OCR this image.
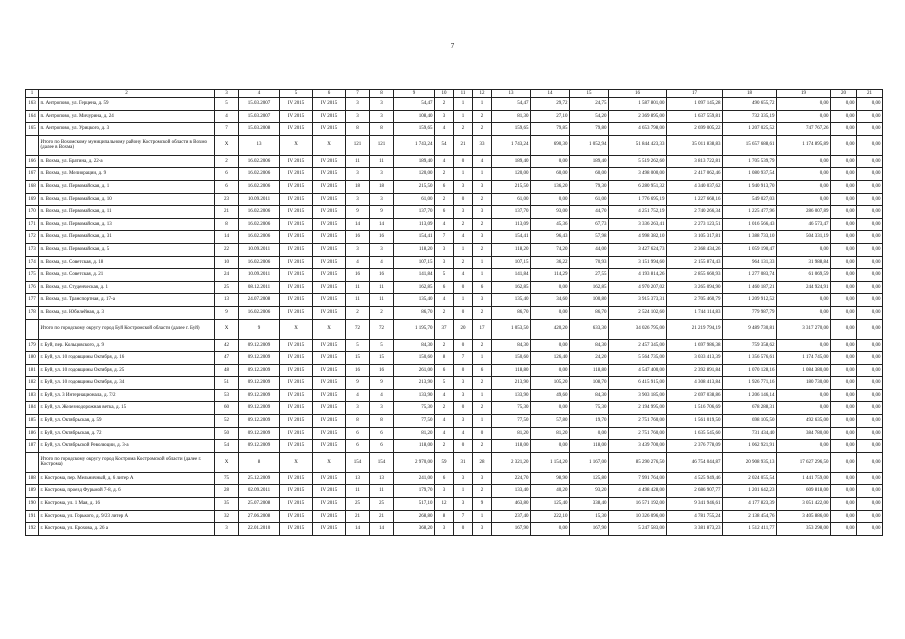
7
1	2	3	4	5	6	7	8	9	10	11	12	13	14	15	16	17	18	19	20	21
163	п. Антропово, ул. Герцена, д. 59	5	15.03.2007	IV 2015	IV 2015	3	3	54,47	2	1	1	54,47	29,72	24,75	1 587 801,00	1 097 145,28	490 655,72	0,00	0,00	0,00
164	п. Антропово, ул. Мичурина, д. 24	4	15.03.2007	IV 2015	IV 2015	3	3	108,40	3	1	2	81,30	27,10	54,20	2 369 895,00	1 637 559,81	732 335,19	0,00	0,00	0,00
165	п. Антропово, ул. Урицкого, д. 3	7	15.03.2008	IV 2015	IV 2015	8	8	159,65	4	2	2	159,65	79,85	79,80	4 653 798,00	2 699 005,22	1 207 025,52	747 767,26	0,00	0,00
	Итого по Вохомскому муниципальному району Костромской области в Вохмо (далее в Вохма)	X	13	X	X	121	121	1 743,24	54	21	33	1 743,24	690,30	1 052,94	51 844 423,33	35 011 838,83	15 657 688,61	1 174 895,89	0,00	0,00
166	п. Вохма, ул. Братина, д. 22-а	2	16.02.2006	IV 2015	IV 2015	11	11	189,40	4	0	4	189,40	0,00	189,40	5 519 262,60	3 813 722,81	1 705 539,79	0,00	0,00	0,00
167	п. Вохма, ул. Мелиорации, д. 9	6	16.02.2006	IV 2015	IV 2015	3	3	120,00	2	1	1	120,00	60,00	60,00	3 498 000,00	2 417 062,46	1 080 937,54	0,00	0,00	0,00
168	п. Вохма, ул. Первомайская, д. 1	6	16.02.2006	IV 2015	IV 2015	18	18	215,50	6	3	3	215,50	136,20	79,30	6 280 951,32	4 340 037,62	1 940 913,70	0,00	0,00	0,00
169	п. Вохма, ул. Первомайская, д. 10	23	10.09.2011	IV 2015	IV 2015	3	3	61,00	2	0	2	61,00	0,00	61,00	1 776 695,19	1 227 668,16	549 027,03	0,00	0,00	0,00
170	п. Вохма, ул. Первомайская, д. 11	21	16.02.2006	IV 2015	IV 2015	9	9	137,70	6	3	3	137,70	93,00	44,70	4 251 752,19	2 740 266,34	1 225 477,96	286 007,89	0,00	0,00
171	п. Вохма, ул. Первомайская, д. 13	8	16.02.2006	IV 2015	IV 2015	14	14	113,09	4	2	2	113,09	45,36	67,73	3 336 263,41	2 273 123,51	1 016 566,43	46 573,47	0,00	0,00
172	п. Вохма, ул. Первомайская, д. 31	14	16.02.2006	IV 2015	IV 2015	16	16	154,41	7	4	3	154,41	96,43	57,98	4 998 382,10	3 105 317,81	1 388 733,10	504 331,19	0,00	0,00
173	п. Вохма, ул. Первомайская, д. 5	22	10.09.2011	IV 2015	IV 2015	3	3	118,20	3	1	2	118,20	74,20	44,00	3 427 624,73	2 368 434,26	1 059 190,47	0,00	0,00	0,00
174	п. Вохма, ул. Советская, д. 18	10	16.02.2006	IV 2015	IV 2015	4	4	107,15	3	2	1	107,15	36,22	70,93	3 151 994,60	2 155 874,43	964 131,33	31 988,84	0,00	0,00
175	п. Вохма, ул. Советская, д. 21	24	10.09.2011	IV 2015	IV 2015	16	16	141,84	5	4	1	141,84	114,29	27,55	4 193 814,26	2 855 660,93	1 277 083,74	61 069,59	0,00	0,00
176	п. Вохма, ул. Студенческая, д. 1	25	08.12.2011	IV 2015	IV 2015	11	11	162,85	6	0	6	162,85	0,00	162,85	4 970 207,02	3 265 094,90	1 460 187,21	244 924,91	0,00	0,00
177	п. Вохма, ул. Транспортная, д. 17-а	13	24.07.2008	IV 2015	IV 2015	11	11	135,40	4	1	3	135,40	34,60	100,80	3 915 373,31	2 705 460,79	1 209 912,52	0,00	0,00	0,00
178	п. Вохма, ул. Юбилейная, д. 3	9	16.02.2006	IV 2015	IV 2015	2	2	86,70	2	0	2	86,70	0,00	86,70	2 524 102,60	1 744 114,83	779 987,79	0,00	0,00	0,00
	Итого по городскому округу город Буй Костромской области (далее г. Буй)	X	9	X	X	72	72	1 195,70	37	20	17	1 053,50	420,20	633,30	34 026 795,00	21 219 794,19	9 489 730,81	3 317 270,00	0,00	0,00
179	г. Буй, пер. Кольцовского, д. 9	42	09.12.2009	IV 2015	IV 2015	5	5	84,30	2	0	2	84,30	0,00	84,30	2 457 345,00	1 697 986,38	759 358,62	0,00	0,00	0,00
180	г. Буй, ул. 10 годовщины Октября, д. 16	47	09.12.2009	IV 2015	IV 2015	15	15	150,60	8	7	1	150,60	126,40	24,20	5 564 735,00	3 033 413,39	1 356 576,61	1 174 745,00	0,00	0,00
181	г. Буй, ул. 10 годовщины Октября, д. 25	48	09.12.2009	IV 2015	IV 2015	16	16	261,00	6	0	6	118,80	0,00	118,80	4 547 400,00	2 392 891,84	1 070 128,16	1 084 380,00	0,00	0,00
182	г. Буй, ул. 10 годовщины Октября, д. 34	51	09.12.2009	IV 2015	IV 2015	9	9	213,90	5	3	2	213,90	105,20	108,70	6 415 915,00	4 308 413,84	1 926 771,16	180 730,00	0,00	0,00
183	г. Буй, ул. 3 Интернационала, д. 7/2	53	09.12.2009	IV 2015	IV 2015	4	4	133,90	4	3	1	133,90	49,60	84,30	3 903 185,00	2 697 038,86	1 206 146,14	0,00	0,00	0,00
184	г. Буй, ул. Железнодорожная ветка, д. 15	60	09.12.2009	IV 2015	IV 2015	3	3	75,30	2	0	2	75,30	0,00	75,30	2 194 995,00	1 516 706,69	678 288,31	0,00	0,00	0,00
185	г. Буй, ул. Октябрьская, д. 59	52	09.12.2009	IV 2015	IV 2015	8	8	77,50	4	3	1	77,50	57,80	19,70	2 751 760,00	1 561 019,50	698 105,50	492 635,00	0,00	0,00
186	г. Буй, ул. Октябрьская, д. 72	50	09.12.2009	IV 2015	IV 2015	6	6	81,20	4	4	0	81,20	81,20	0,00	2 751 760,00	1 635 545,60	731 434,40	384 780,00	0,00	0,00
187	г. Буй, ул. Октябрьской Революции, д. 3-а	54	09.12.2009	IV 2015	IV 2015	6	6	118,00	2	0	2	118,00	0,00	118,00	3 439 700,00	2 376 778,09	1 062 921,91	0,00	0,00	0,00
	Итого по городскому округу город Кострома Костромской области (далее г. Кострома)	X	8	X	X	154	154	2 970,00	59	31	28	2 321,20	1 154,20	1 167,00	85 290 276,50	46 754 044,87	20 908 935,13	17 627 296,50	0,00	0,00
188	г. Кострома, пер. Мельничный, д. 6 литер А	75	25.12.2009	IV 2015	IV 2015	13	13	241,00	6	3	3	224,70	98,90	125,80	7 991 764,00	4 525 949,46	2 024 055,54	1 441 759,00	0,00	0,00
189	г. Кострома, проезд Фурьмой 7-8, д. 6	28	02.09.2011	IV 2015	IV 2015	11	11	179,70	3	1	2	133,40	40,20	93,20	4 498 428,00	2 686 907,77	1 201 642,23	609 818,00	0,00	0,00
190	г. Кострома, ул. 1 Мая, д. 16	35	25.07.2008	IV 2015	IV 2015	25	25	517,10	12	3	9	463,80	125,40	338,40	16 571 192,00	9 341 946,61	4 177 823,39	3 051 422,00	0,00	0,00
191	г. Кострома, ул. Горького, д. 9/23 литер А	32	27.06.2008	IV 2015	IV 2015	21	21	268,80	8	7	1	237,40	222,10	15,30	10 326 096,00	4 781 755,24	2 138 454,76	3 405 886,00	0,00	0,00
192	г. Кострома, ул. Ерохова, д. 26 а	3	22.01.2010	IV 2015	IV 2015	14	14	368,20	3	0	3	167,90	0,00	167,90	5 247 583,00	3 381 873,23	1 512 411,77	353 298,00	0,00	0,00
